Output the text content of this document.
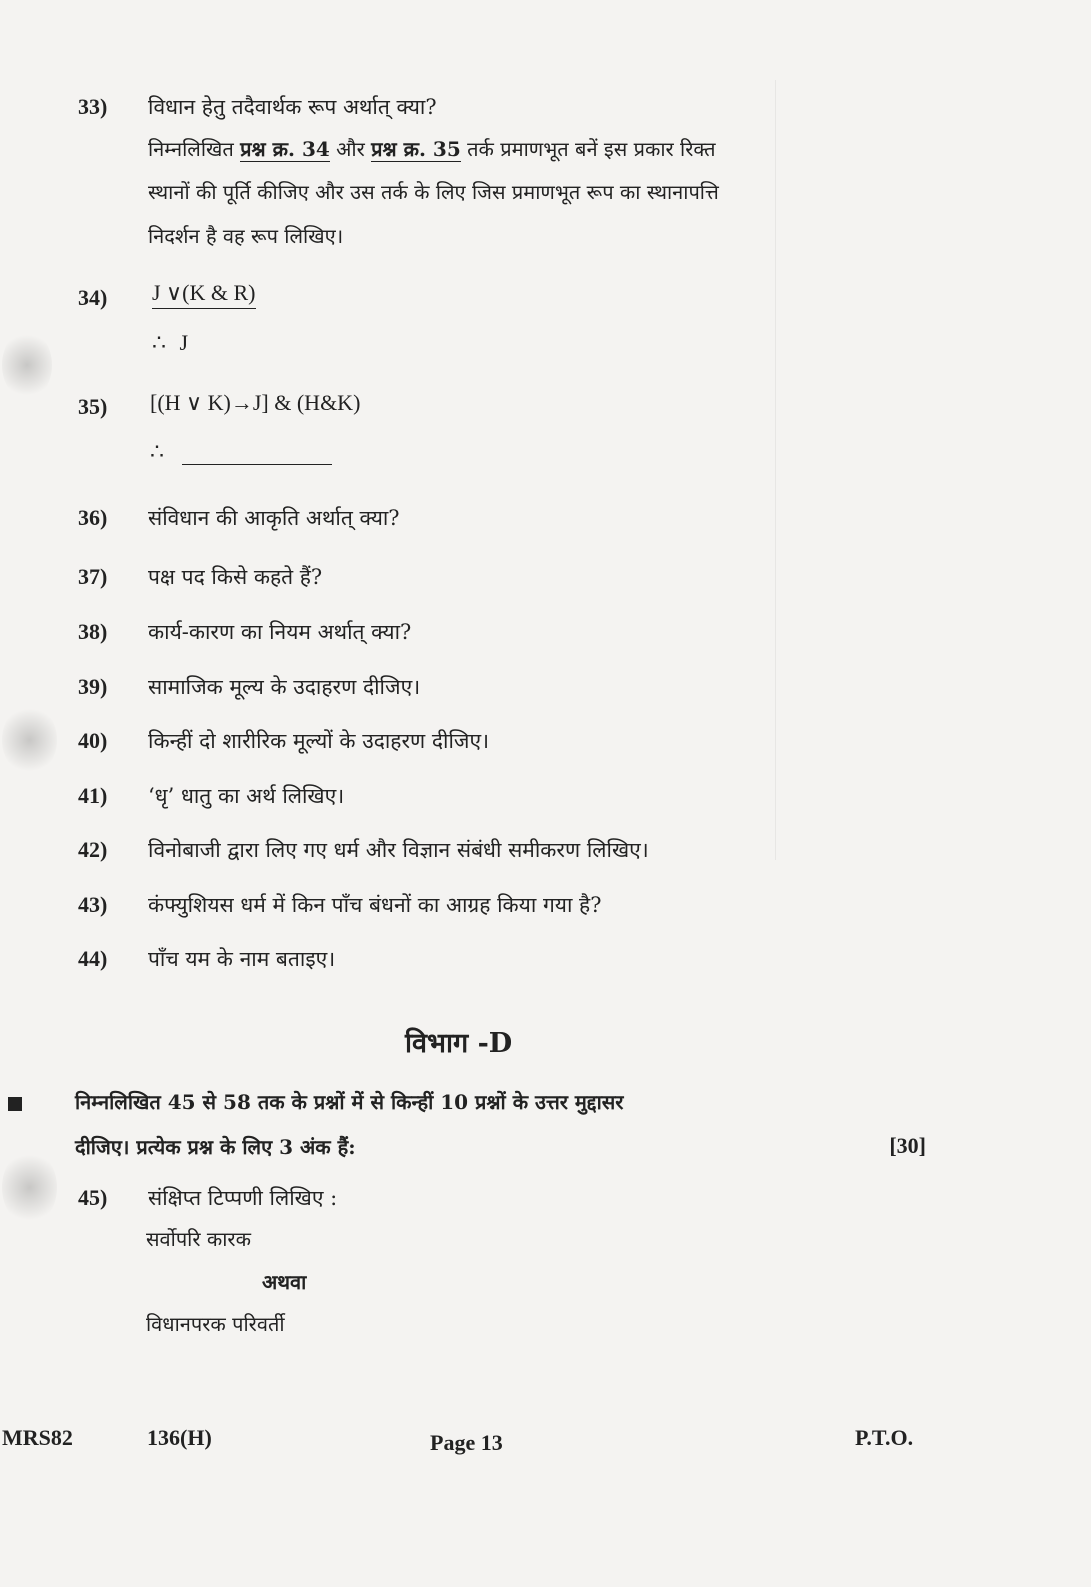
33)	विधान हेतु तदैवार्थक रूप अर्थात् क्या?
निम्नलिखित प्रश्न क्र. 34 और प्रश्न क्र. 35 तर्क प्रमाणभूत बनें इस प्रकार रिक्त
स्थानों की पूर्ति कीजिए और उस तर्क के लिए जिस प्रमाणभूत रूप का स्थानापत्ति
निदर्शन है वह रूप लिखिए।
34)	J ∨(K & R)
∴ J
35)	[(H ∨ K)→J] & (H&K)
∴
36)	संविधान की आकृति अर्थात् क्या?
37)	पक्ष पद किसे कहते हैं?
38)	कार्य-कारण का नियम अर्थात् क्या?
39)	सामाजिक मूल्य के उदाहरण दीजिए।
40)	किन्हीं दो शारीरिक मूल्यों के उदाहरण दीजिए।
41)	‘धृ’ धातु का अर्थ लिखिए।
42)	विनोबाजी द्वारा लिए गए धर्म और विज्ञान संबंधी समीकरण लिखिए।
43)	कंफ्युशियस धर्म में किन पाँच बंधनों का आग्रह किया गया है?
44)	पाँच यम के नाम बताइए।
विभाग -D
निम्नलिखित 45 से 58 तक के प्रश्नों में से किन्हीं 10 प्रश्नों के उत्तर मुद्दासर
दीजिए। प्रत्येक प्रश्न के लिए 3 अंक हैं:	[30]
45)	संक्षिप्त टिप्पणी लिखिए :
सर्वोपरि कारक
अथवा
विधानपरक परिवर्ती
MRS82	136(H)	Page 13	P.T.O.
